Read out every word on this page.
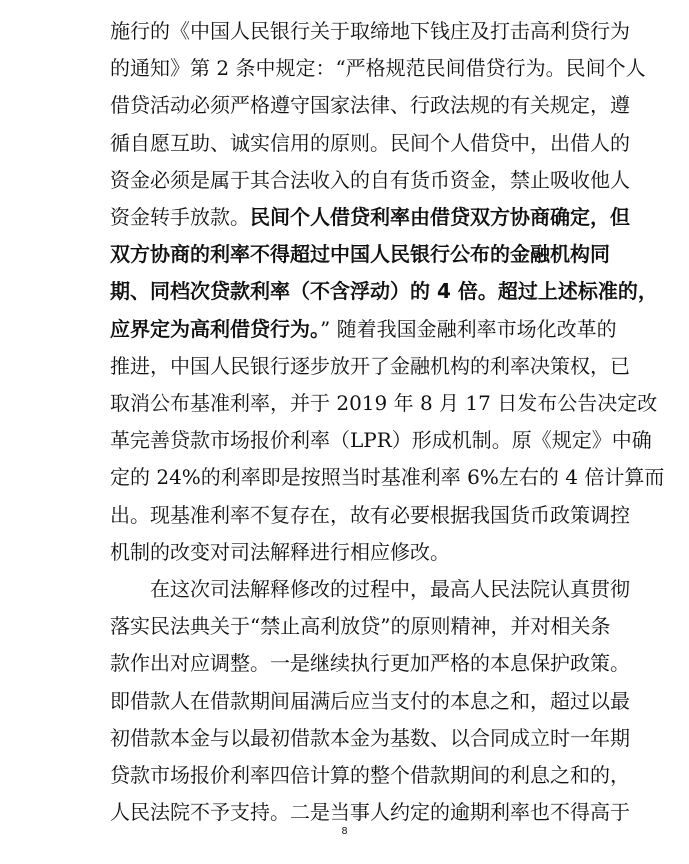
施行的《中国人民银行关于取缔地下钱庄及打击高利贷行为
的通知》第 2 条中规定：“严格规范民间借贷行为。民间个人
借贷活动必须严格遵守国家法律、行政法规的有关规定，遵
循自愿互助、诚实信用的原则。民间个人借贷中，出借人的
资金必须是属于其合法收入的自有货币资金，禁止吸收他人
资金转手放款。民间个人借贷利率由借贷双方协商确定，但
双方协商的利率不得超过中国人民银行公布的金融机构同
期、同档次贷款利率（不含浮动）的 4 倍。超过上述标准的，
应界定为高利借贷行为。” 随着我国金融利率市场化改革的
推进，中国人民银行逐步放开了金融机构的利率决策权，已
取消公布基准利率，并于 2019 年 8 月 17 日发布公告决定改
革完善贷款市场报价利率（LPR）形成机制。原《规定》中确
定的 24%的利率即是按照当时基准利率 6%左右的 4 倍计算而
出。现基准利率不复存在，故有必要根据我国货币政策调控
机制的改变对司法解释进行相应修改。
在这次司法解释修改的过程中，最高人民法院认真贯彻
落实民法典关于“禁止高利放贷”的原则精神，并对相关条
款作出对应调整。一是继续执行更加严格的本息保护政策。
即借款人在借款期间届满后应当支付的本息之和，超过以最
初借款本金与以最初借款本金为基数、以合同成立时一年期
贷款市场报价利率四倍计算的整个借款期间的利息之和的，
人民法院不予支持。二是当事人约定的逾期利率也不得高于
8
